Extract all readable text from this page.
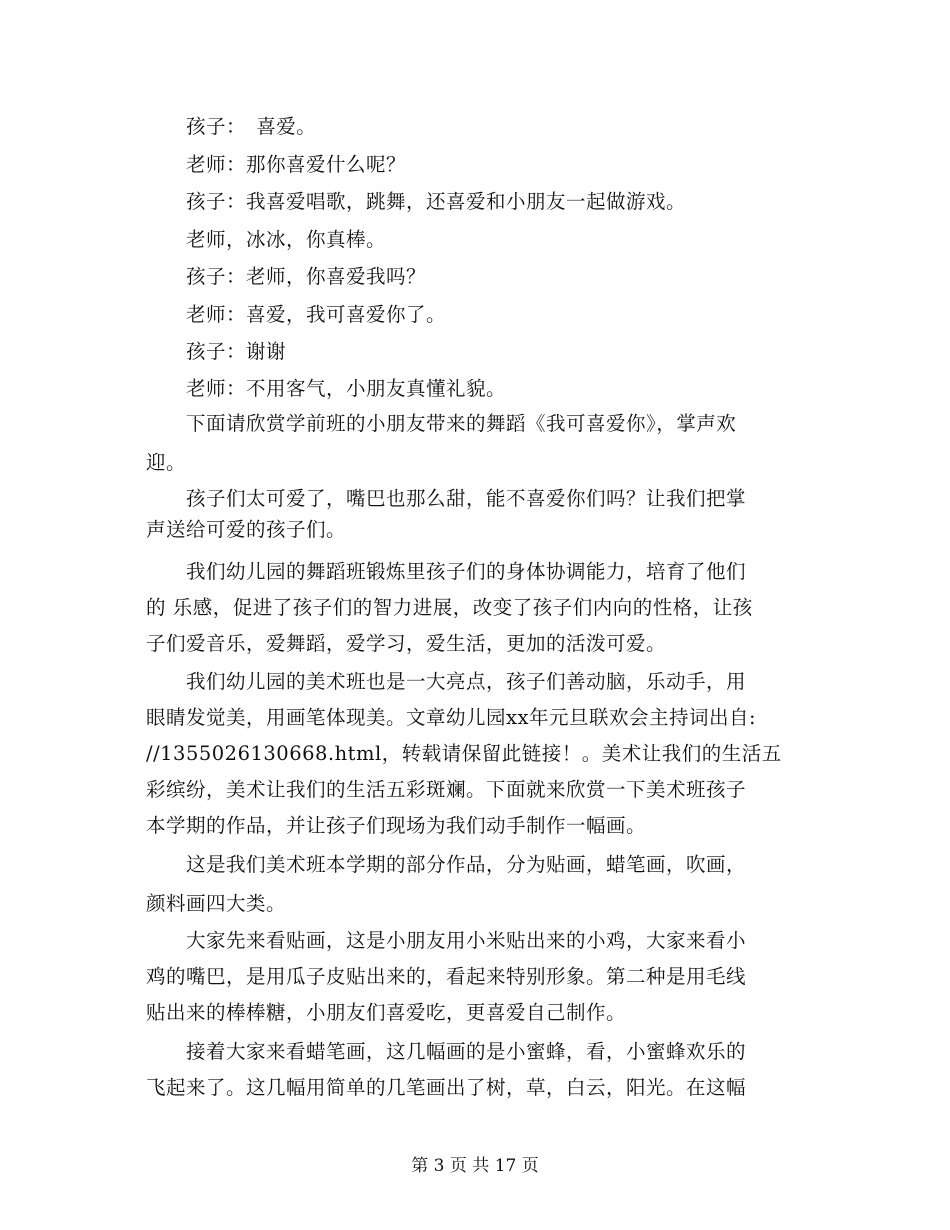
　　孩子：　喜爱。
　　老师：那你喜爱什么呢？
　　孩子：我喜爱唱歌，跳舞，还喜爱和小朋友一起做游戏。
　　老师，冰冰，你真棒。
　　孩子：老师，你喜爱我吗？
　　老师：喜爱，我可喜爱你了。
　　孩子：谢谢
　　老师：不用客气，小朋友真懂礼貌。
　　下面请欣赏学前班的小朋友带来的舞蹈《我可喜爱你》，掌声欢
迎。
　　孩子们太可爱了，嘴巴也那么甜，能不喜爱你们吗？让我们把掌
声送给可爱的孩子们。
　　我们幼儿园的舞蹈班锻炼里孩子们的身体协调能力，培育了他们
的 乐感，促进了孩子们的智力进展，改变了孩子们内向的性格，让孩
子们爱音乐，爱舞蹈，爱学习，爱生活，更加的活泼可爱。
　　我们幼儿园的美术班也是一大亮点，孩子们善动脑，乐动手，用
眼睛发觉美，用画笔体现美。文章幼儿园xx年元旦联欢会主持词出自:
//1355026130668.html，转载请保留此链接！。美术让我们的生活五
彩缤纷，美术让我们的生活五彩斑斓。下面就来欣赏一下美术班孩子
本学期的作品，并让孩子们现场为我们动手制作一幅画。
　　这是我们美术班本学期的部分作品，分为贴画，蜡笔画，吹画，
颜料画四大类。
　　大家先来看贴画，这是小朋友用小米贴出来的小鸡，大家来看小
鸡的嘴巴，是用瓜子皮贴出来的，看起来特别形象。第二种是用毛线
贴出来的棒棒糖，小朋友们喜爱吃，更喜爱自己制作。
　　接着大家来看蜡笔画，这几幅画的是小蜜蜂，看，小蜜蜂欢乐的
飞起来了。这几幅用简单的几笔画出了树，草，白云，阳光。在这幅
第 3 页 共 17 页
